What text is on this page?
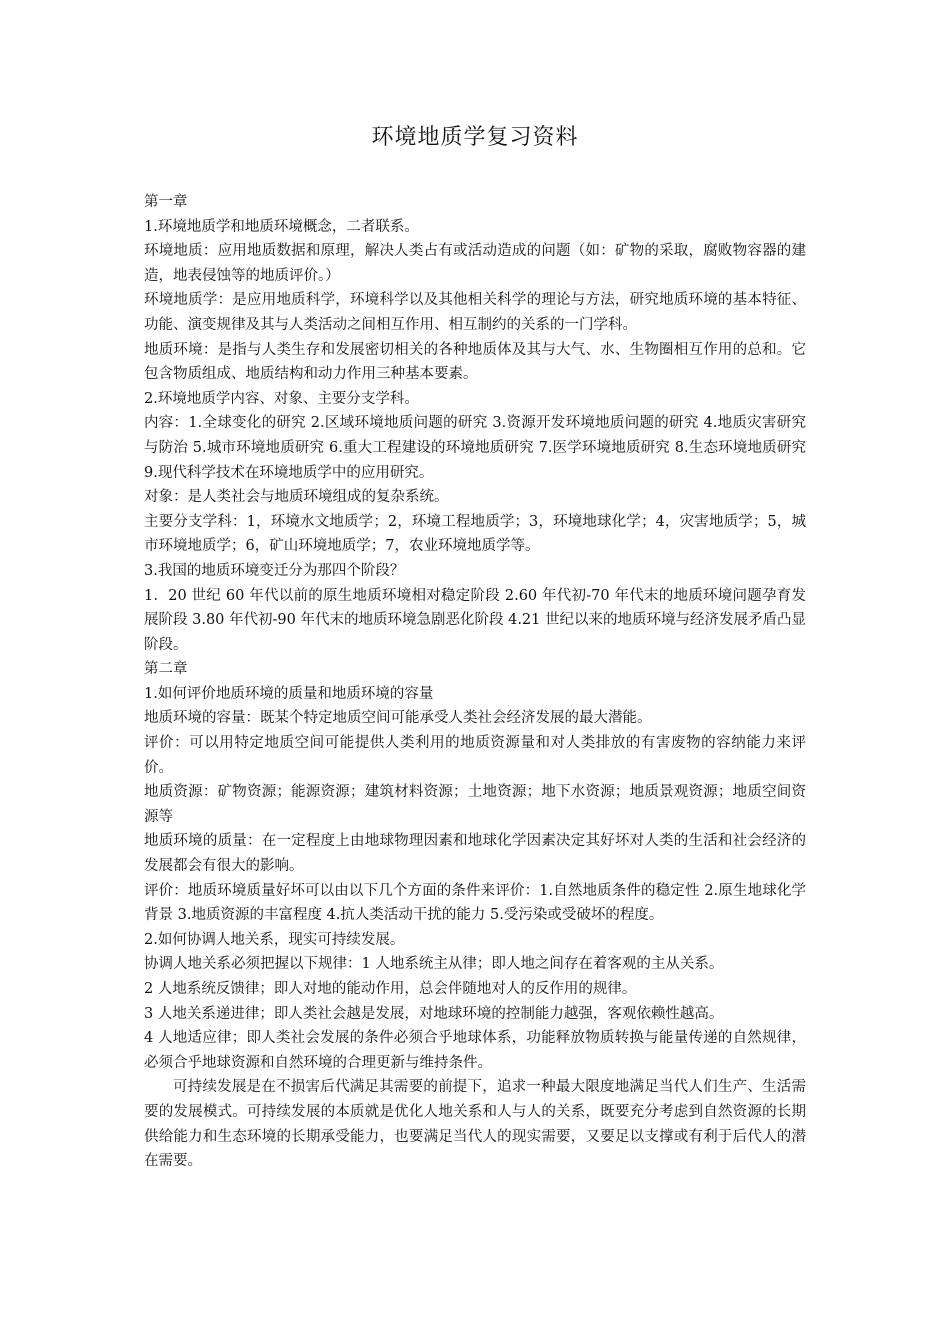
环境地质学复习资料

第一章

1.环境地质学和地质环境概念，二者联系。

环境地质：应用地质数据和原理，解决人类占有或活动造成的问题（如：矿物的采取，腐败物容器的建造，地表侵蚀等的地质评价。）

环境地质学：是应用地质科学，环境科学以及其他相关科学的理论与方法，研究地质环境的基本特征、功能、演变规律及其与人类活动之间相互作用、相互制约的关系的一门学科。

地质环境：是指与人类生存和发展密切相关的各种地质体及其与大气、水、生物圈相互作用的总和。它包含物质组成、地质结构和动力作用三种基本要素。

2.环境地质学内容、对象、主要分支学科。

内容：1.全球变化的研究 2.区域环境地质问题的研究 3.资源开发环境地质问题的研究 4.地质灾害研究与防治 5.城市环境地质研究 6.重大工程建设的环境地质研究 7.医学环境地质研究 8.生态环境地质研究 9.现代科学技术在环境地质学中的应用研究。

对象：是人类社会与地质环境组成的复杂系统。

主要分支学科：1，环境水文地质学；2，环境工程地质学；3，环境地球化学；4，灾害地质学；5，城市环境地质学；6，矿山环境地质学；7，农业环境地质学等。

3.我国的地质环境变迁分为那四个阶段？

1．20 世纪 60 年代以前的原生地质环境相对稳定阶段 2.60 年代初-70 年代末的地质环境问题孕育发展阶段 3.80 年代初-90 年代末的地质环境急剧恶化阶段 4.21 世纪以来的地质环境与经济发展矛盾凸显阶段。

第二章

1.如何评价地质环境的质量和地质环境的容量

地质环境的容量：既某个特定地质空间可能承受人类社会经济发展的最大潜能。

评价：可以用特定地质空间可能提供人类利用的地质资源量和对人类排放的有害废物的容纳能力来评价。

地质资源：矿物资源；能源资源；建筑材料资源；土地资源；地下水资源；地质景观资源；地质空间资源等

地质环境的质量：在一定程度上由地球物理因素和地球化学因素决定其好坏对人类的生活和社会经济的发展都会有很大的影响。

评价：地质环境质量好坏可以由以下几个方面的条件来评价：1.自然地质条件的稳定性 2.原生地球化学背景 3.地质资源的丰富程度 4.抗人类活动干扰的能力 5.受污染或受破坏的程度。

2.如何协调人地关系，现实可持续发展。

协调人地关系必须把握以下规律：1 人地系统主从律；即人地之间存在着客观的主从关系。

2 人地系统反馈律；即人对地的能动作用，总会伴随地对人的反作用的规律。

3 人地关系递进律；即人类社会越是发展，对地球环境的控制能力越强，客观依赖性越高。

4 人地适应律；即人类社会发展的条件必须合乎地球体系，功能释放物质转换与能量传递的自然规律，必须合乎地球资源和自然环境的合理更新与维持条件。

可持续发展是在不损害后代满足其需要的前提下，追求一种最大限度地满足当代人们生产、生活需要的发展模式。可持续发展的本质就是优化人地关系和人与人的关系，既要充分考虑到自然资源的长期供给能力和生态环境的长期承受能力，也要满足当代人的现实需要，又要足以支撑或有利于后代人的潜在需要。
